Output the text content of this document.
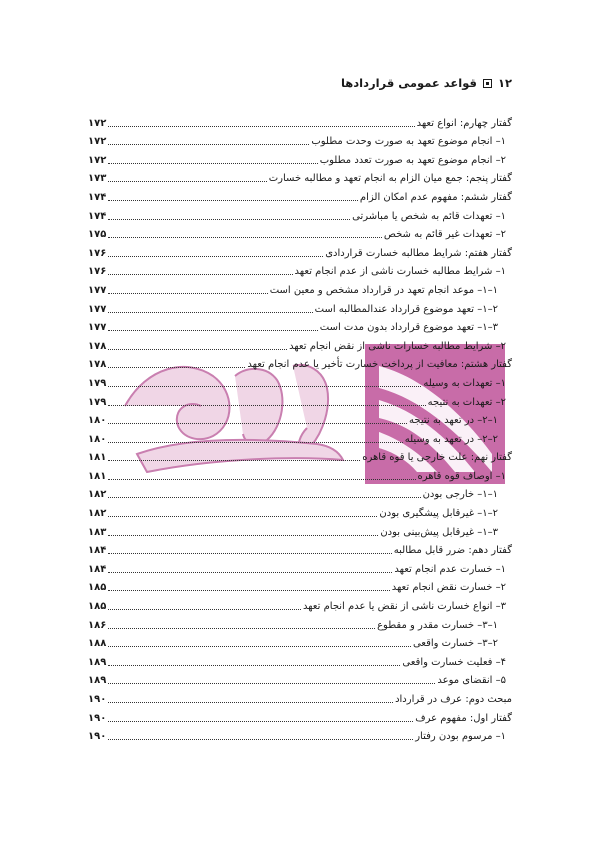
١٢
قواعد عمومی قراردادها
گفتار چهارم: انواع تعهد
۱۷۲
۱– انجام موضوع تعهد به صورت وحدت مطلوب
۱۷۲
۲– انجام موضوع تعهد به صورت تعدد مطلوب
۱۷۲
گفتار پنجم: جمع میان الزام به انجام تعهد و مطالبه خسارت
۱۷۳
گفتار ششم: مفهوم عدم امکان الزام
۱۷۴
۱– تعهدات قائم به شخص یا مباشرتی
۱۷۴
۲– تعهدات غیر قائم به شخص
۱۷۵
گفتار هفتم: شرایط مطالبه خسارت قراردادی
۱۷۶
۱– شرایط مطالبه خسارت ناشی از عدم انجام تعهد
۱۷۶
۱–۱– موعد انجام تعهد در قرارداد مشخص و معین است
۱۷۷
۲–۱– تعهد موضوع قرارداد عندالمطالبه است
۱۷۷
۳–۱– تعهد موضوع قرارداد بدون مدت است
۱۷۷
۲– شرایط مطالبه خسارات ناشی از نقض انجام تعهد
۱۷۸
گفتار هشتم: معافیت از پرداخت خسارت تأخیر یا عدم انجام تعهد
۱۷۸
۱– تعهدات به وسیله
۱۷۹
۲– تعهدات به نتیجه
۱۷۹
۱–۲– در تعهد به نتیجه
۱۸۰
۲–۲– در تعهد به وسیله
۱۸۰
گفتار نهم: علت خارجی یا قوه قاهره
۱۸۱
۱– اوصاف قوه قاهره
۱۸۱
۱–۱– خارجی بودن
۱۸۲
۲–۱– غیرقابل پیشگیری بودن
۱۸۲
۳–۱– غیرقابل پیش‌بینی بودن
۱۸۳
گفتار دهم: ضرر قابل مطالبه
۱۸۴
۱– خسارت عدم انجام تعهد
۱۸۴
۲– خسارت نقض انجام تعهد
۱۸۵
۳– انواع خسارت ناشی از نقض یا عدم انجام تعهد
۱۸۵
۱–۳– خسارت مقدر و مقطوع
۱۸۶
۲–۳– خسارت واقعی
۱۸۸
۴– فعلیت خسارت واقعی
۱۸۹
۵– انقضای موعد
۱۸۹
مبحث دوم: عرف در قرارداد
۱۹۰
گفتار اول: مفهوم عرف
۱۹۰
۱– مرسوم بودن رفتار
۱۹۰
